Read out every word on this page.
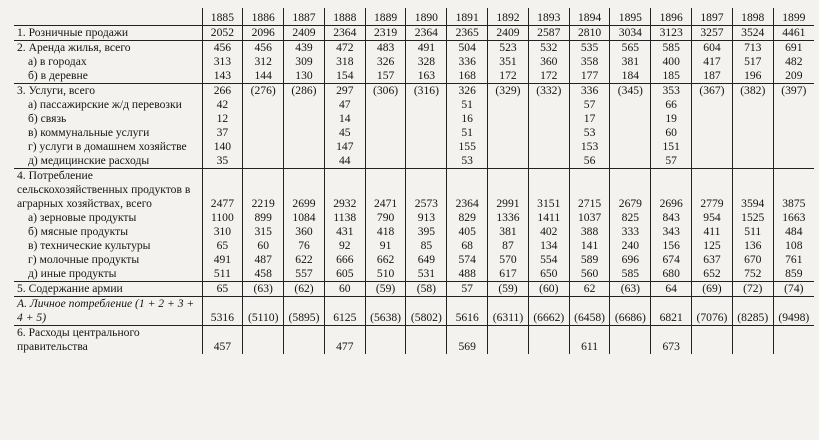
	1885	1886	1887	1888	1889	1890	1891	1892	1893	1894	1895	1896	1897	1898	1899
1. Розничные продажи	2052	2096	2409	2364	2319	2364	2365	2409	2587	2810	3034	3123	3257	3524	4461
2. Аренда жилья, всего	456	456	439	472	483	491	504	523	532	535	565	585	604	713	691
а) в городах	313	312	309	318	326	328	336	351	360	358	381	400	417	517	482
б) в деревне	143	144	130	154	157	163	168	172	172	177	184	185	187	196	209
3. Услуги, всего	266	(276)	(286)	297	(306)	(316)	326	(329)	(332)	336	(345)	353	(367)	(382)	(397)
а) пассажирские ж/д перевозки	42			47			51			57		66			
б) связь	12			14			16			17		19			
в) коммунальные услуги	37			45			51			53		60			
г) услуги в домашнем хозяйстве	140			147			155			153		151			
д) медицинские расходы	35			44			53			56		57			
4. Потребление сельскохозяйственных продуктов в аграрных хозяйствах, всего	2477	2219	2699	2932	2471	2573	2364	2991	3151	2715	2679	2696	2779	3594	3875
а) зерновые продукты	1100	899	1084	1138	790	913	829	1336	1411	1037	825	843	954	1525	1663
б) мясные продукты	310	315	360	431	418	395	405	381	402	388	333	343	411	511	484
в) технические культуры	65	60	76	92	91	85	68	87	134	141	240	156	125	136	108
г) молочные продукты	491	487	622	666	662	649	574	570	554	589	696	674	637	670	761
д) иные продукты	511	458	557	605	510	531	488	617	650	560	585	680	652	752	859
5. Содержание армии	65	(63)	(62)	60	(59)	(58)	57	(59)	(60)	62	(63)	64	(69)	(72)	(74)
А. Личное потребление (1 + 2 + 3 + 4 + 5)	5316	(5110)	(5895)	6125	(5638)	(5802)	5616	(6311)	(6662)	(6458)	(6686)	6821	(7076)	(8285)	(9498)
6. Расходы центрального правительства	457			477			569			611		673			
